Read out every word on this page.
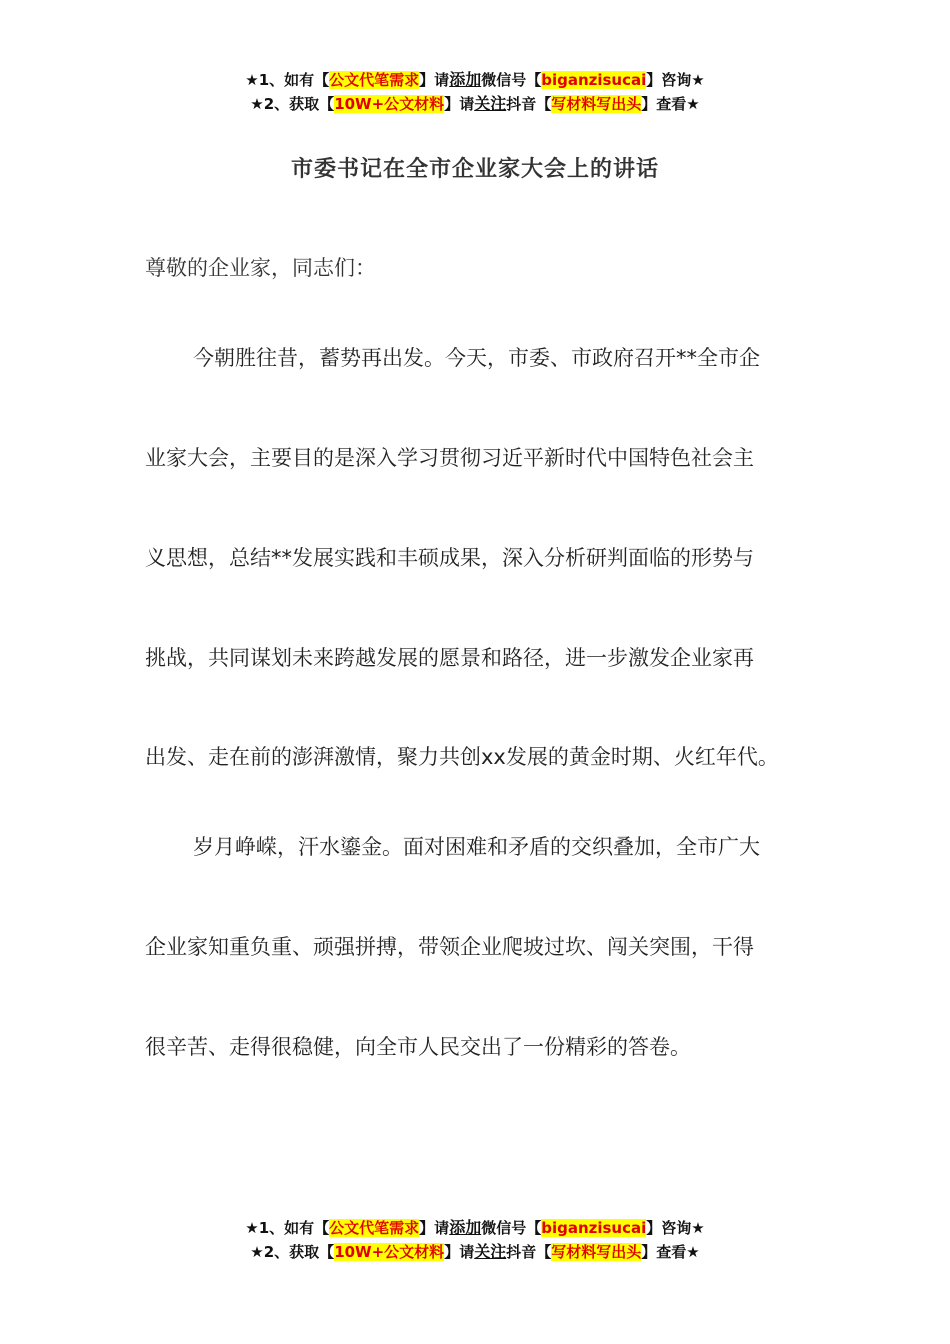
★1、如有【公文代笔需求】请添加微信号【biganzisucai】咨询★
★2、获取【10W+公文材料】请关注抖音【写材料写出头】查看★
市委书记在全市企业家大会上的讲话
尊敬的企业家，同志们：
今朝胜往昔，蓄势再出发。今天，市委、市政府召开**全市企
业家大会，主要目的是深入学习贯彻习近平新时代中国特色社会主
义思想，总结**发展实践和丰硕成果，深入分析研判面临的形势与
挑战，共同谋划未来跨越发展的愿景和路径，进一步激发企业家再
出发、走在前的澎湃激情，聚力共创xx发展的黄金时期、火红年代。
岁月峥嵘，汗水鎏金。面对困难和矛盾的交织叠加，全市广大
企业家知重负重、顽强拼搏，带领企业爬坡过坎、闯关突围，干得
很辛苦、走得很稳健，向全市人民交出了一份精彩的答卷。
★1、如有【公文代笔需求】请添加微信号【biganzisucai】咨询★
★2、获取【10W+公文材料】请关注抖音【写材料写出头】查看★
